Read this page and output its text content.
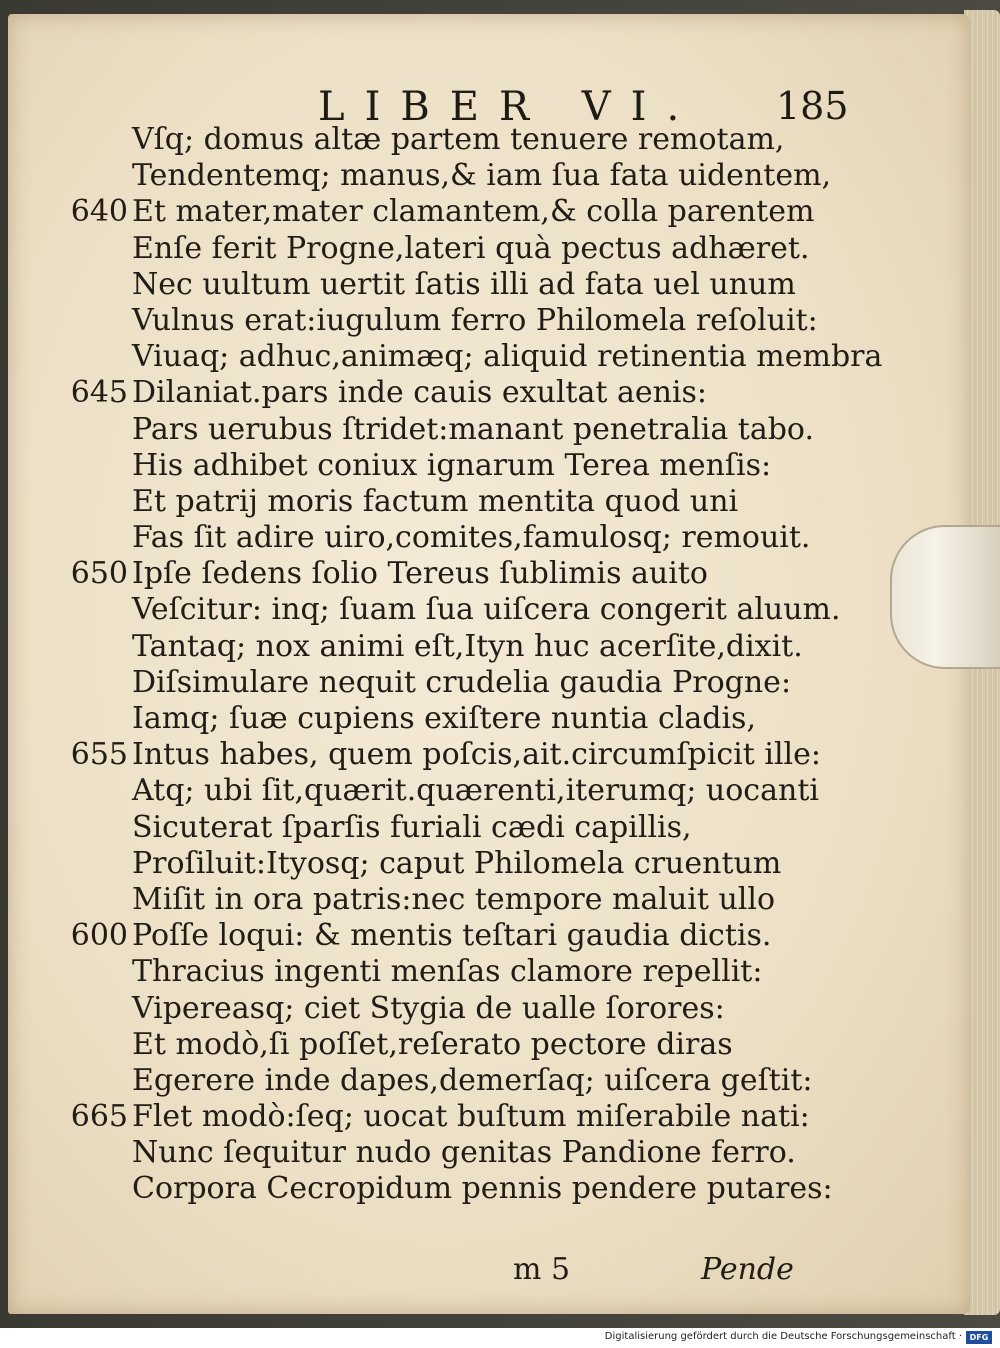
LIBER VI. 185
Vſq; domus altæ partem tenuere remotam,
Tendentemq; manus,& iam ſua fata uidentem,
640 Et mater,mater clamantem,& colla parentem
Enſe ferit Progne,lateri quà pectus adhæret.
Nec uultum uertit ſatis illi ad fata uel unum
Vulnus erat:iugulum ferro Philomela reſoluit:
Viuaq; adhuc,animæq; aliquid retinentia membra
645 Dilaniat.pars inde cauis exultat aenis:
Pars uerubus ſtridet:manant penetralia tabo.
His adhibet coniux ignarum Terea menſis:
Et patrij moris factum mentita quod uni
Fas ſit adire uiro,comites,famulosq; remouit.
650 Ipſe ſedens ſolio Tereus ſublimis auito
Veſcitur: inq; ſuam ſua uiſcera congerit aluum.
Tantaq; nox animi eſt,Ityn huc acerſite,dixit.
Diſsimulare nequit crudelia gaudia Progne:
Iamq; ſuæ cupiens exiſtere nuntia cladis,
655 Intus habes, quem poſcis,ait.circumſpicit ille:
Atq; ubi ſit,quærit.quærenti,iterumq; uocanti
Sicuterat ſparſis furiali cædi capillis,
Proſiluit:Ityosq; caput Philomela cruentum
Miſit in ora patris:nec tempore maluit ullo
600 Poſſe loqui: & mentis teſtari gaudia dictis.
Thracius ingenti menſas clamore repellit:
Vipereasq; ciet Stygia de ualle ſorores:
Et modò,ſi poſſet,reſerato pectore diras
Egerere inde dapes,demerſaq; uiſcera geſtit:
665 Flet modò:ſeq; uocat buſtum miſerabile nati:
Nunc ſequitur nudo genitas Pandione ferro.
Corpora Cecropidum pennis pendere putares:
m 5	Pende
Digitalisierung gefördert durch die Deutsche Forschungsgemeinschaft · DFG
